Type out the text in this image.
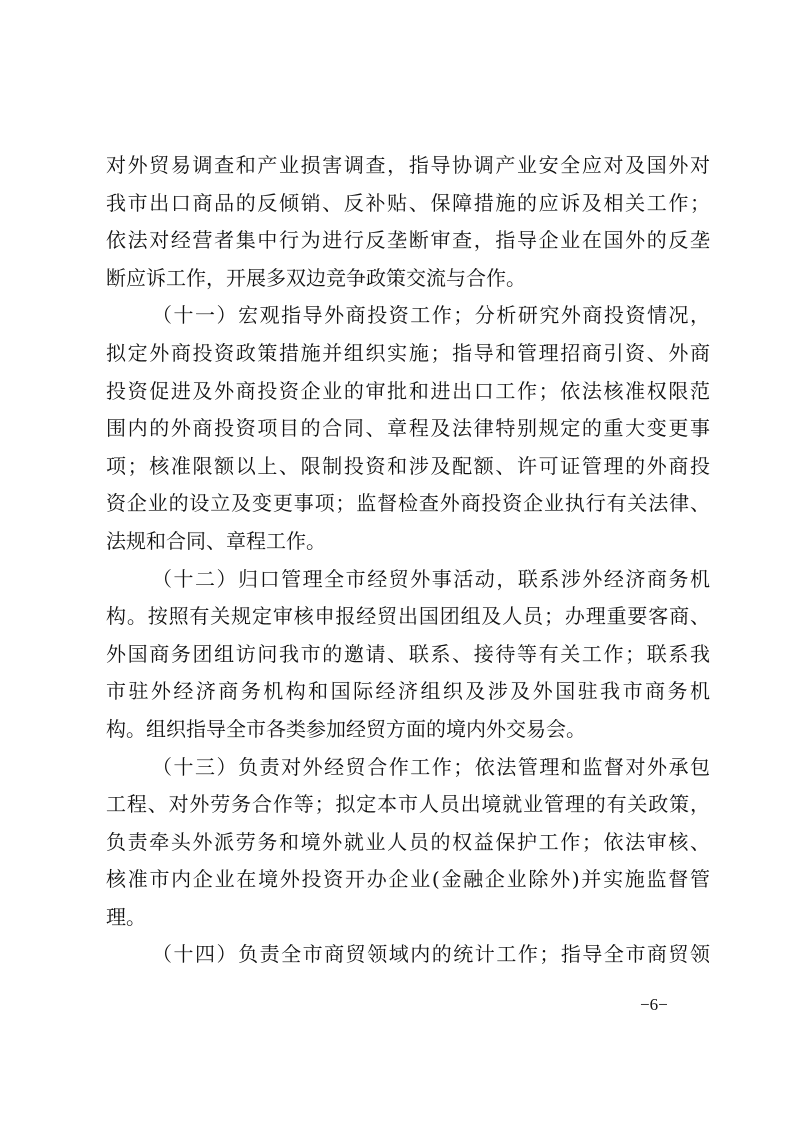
对外贸易调查和产业损害调查，指导协调产业安全应对及国外对
我市出口商品的反倾销、反补贴、保障措施的应诉及相关工作；
依法对经营者集中行为进行反垄断审查，指导企业在国外的反垄
断应诉工作，开展多双边竞争政策交流与合作。
（十一）宏观指导外商投资工作；分析研究外商投资情况，
拟定外商投资政策措施并组织实施；指导和管理招商引资、外商
投资促进及外商投资企业的审批和进出口工作；依法核准权限范
围内的外商投资项目的合同、章程及法律特别规定的重大变更事
项；核准限额以上、限制投资和涉及配额、许可证管理的外商投
资企业的设立及变更事项；监督检查外商投资企业执行有关法律、
法规和合同、章程工作。
（十二）归口管理全市经贸外事活动，联系涉外经济商务机
构。按照有关规定审核申报经贸出国团组及人员；办理重要客商、
外国商务团组访问我市的邀请、联系、接待等有关工作；联系我
市驻外经济商务机构和国际经济组织及涉及外国驻我市商务机
构。组织指导全市各类参加经贸方面的境内外交易会。
（十三）负责对外经贸合作工作；依法管理和监督对外承包
工程、对外劳务合作等；拟定本市人员出境就业管理的有关政策，
负责牵头外派劳务和境外就业人员的权益保护工作；依法审核、
核准市内企业在境外投资开办企业(金融企业除外)并实施监督管
理。
（十四）负责全市商贸领域内的统计工作；指导全市商贸领
−6−
